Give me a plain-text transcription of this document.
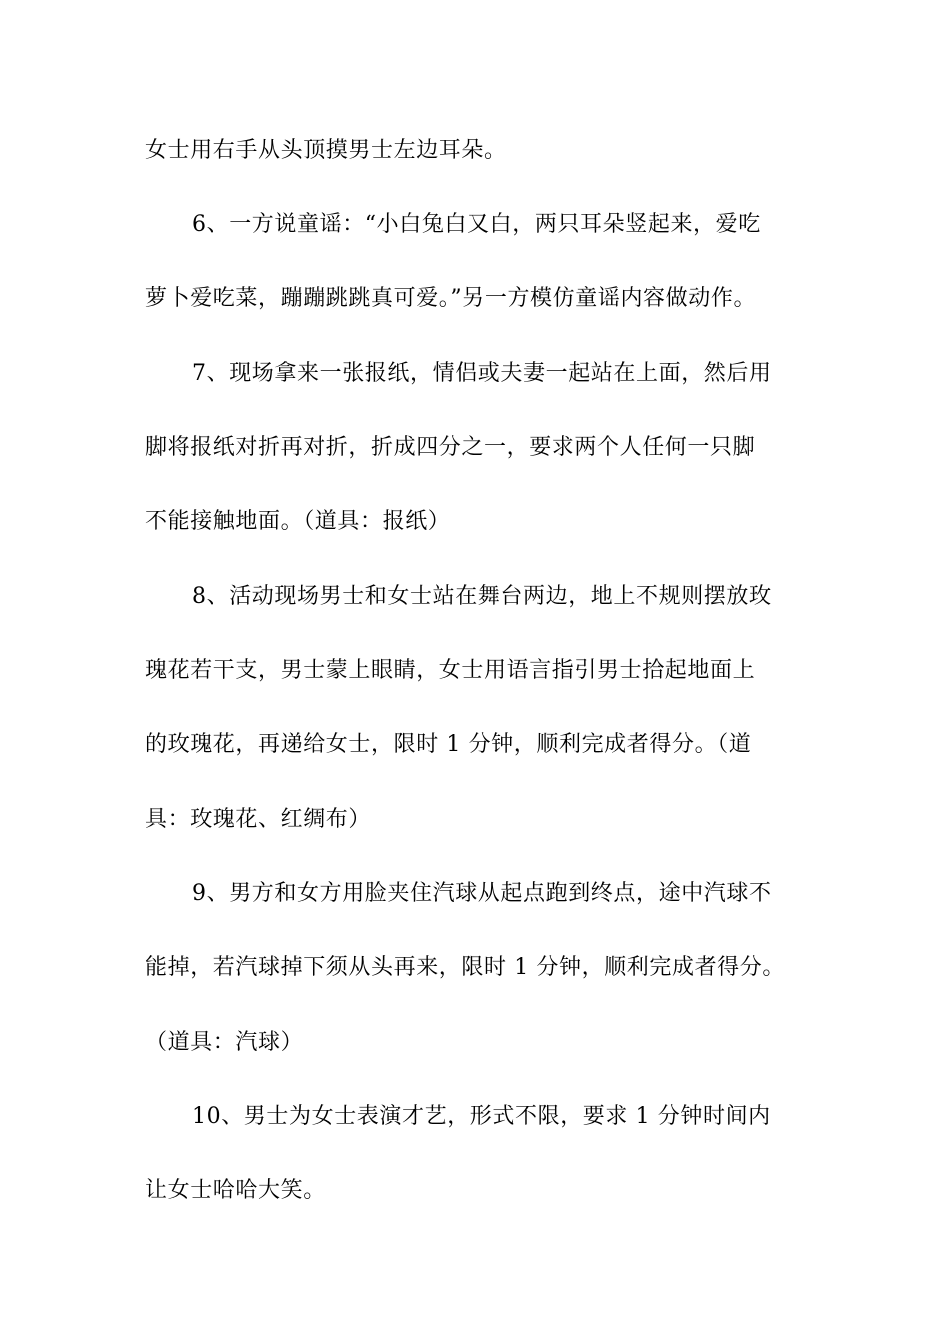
女士用右手从头顶摸男士左边耳朵。

6、一方说童谣：“小白兔白又白，两只耳朵竖起来，爱吃

萝卜爱吃菜，蹦蹦跳跳真可爱。”另一方模仿童谣内容做动作。

7、现场拿来一张报纸，情侣或夫妻一起站在上面，然后用

脚将报纸对折再对折，折成四分之一，要求两个人任何一只脚

不能接触地面。（道具：报纸）

8、活动现场男士和女士站在舞台两边，地上不规则摆放玫

瑰花若干支，男士蒙上眼睛，女士用语言指引男士拾起地面上

的玫瑰花，再递给女士，限时 1 分钟，顺利完成者得分。（道

具：玫瑰花、红绸布）

9、男方和女方用脸夹住汽球从起点跑到终点，途中汽球不

能掉，若汽球掉下须从头再来，限时 1 分钟，顺利完成者得分。

（道具：汽球）

10、男士为女士表演才艺，形式不限，要求 1 分钟时间内

让女士哈哈大笑。
